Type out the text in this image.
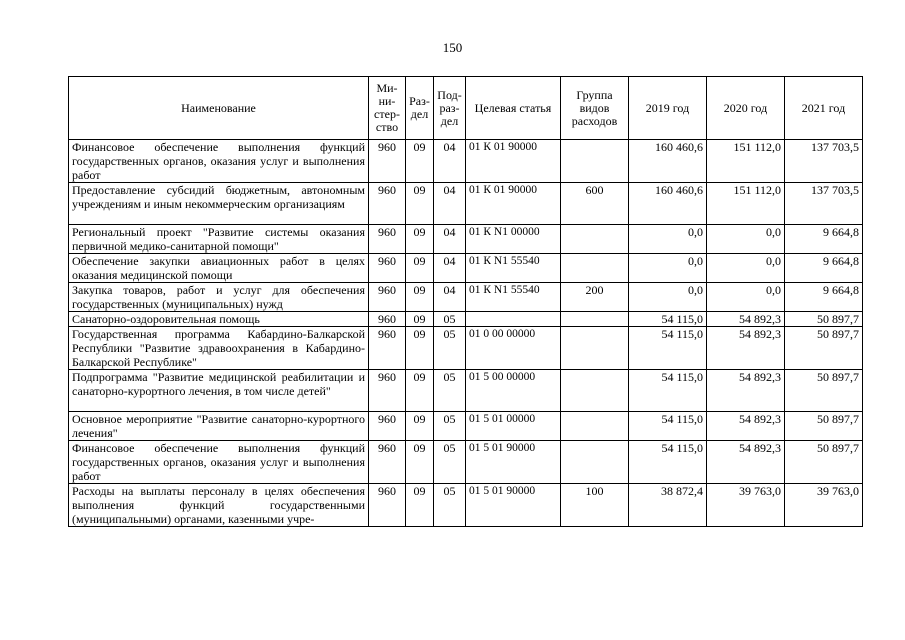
150
Наименование	Ми- ни- стер- ство	Раз- дел	Под- раз- дел	Целевая статья	Группа видов расходов	2019 год	2020 год	2021 год
Финансовое обеспечение выполнения функций государственных органов, оказания услуг и выполнения работ	960	09	04	01 К 01 90000		160 460,6	151 112,0	137 703,5
Предоставление субсидий бюджетным, автономным учреждениям и иным некоммерческим организациям	960	09	04	01 К 01 90000	600	160 460,6	151 112,0	137 703,5
Региональный проект "Развитие системы оказания первичной медико-санитарной помощи"	960	09	04	01 К N1 00000		0,0	0,0	9 664,8
Обеспечение закупки авиационных работ в целях оказания медицинской помощи	960	09	04	01 К N1 55540		0,0	0,0	9 664,8
Закупка товаров, работ и услуг для обеспечения государственных (муниципальных) нужд	960	09	04	01 К N1 55540	200	0,0	0,0	9 664,8
Санаторно-оздоровительная помощь	960	09	05			54 115,0	54 892,3	50 897,7
Государственная программа Кабардино-Балкарской Республики "Развитие здравоохранения в Кабардино-Балкарской Республике"	960	09	05	01 0 00 00000		54 115,0	54 892,3	50 897,7
Подпрограмма "Развитие медицинской реабилитации и санаторно-курортного лечения, в том числе детей"	960	09	05	01 5 00 00000		54 115,0	54 892,3	50 897,7
Основное мероприятие "Развитие санаторно-курортного лечения"	960	09	05	01 5 01 00000		54 115,0	54 892,3	50 897,7
Финансовое обеспечение выполнения функций государственных органов, оказания услуг и выполнения работ	960	09	05	01 5 01 90000		54 115,0	54 892,3	50 897,7
Расходы на выплаты персоналу в целях обеспечения выполнения функций государственными (муниципальными) органами, казенными учре-	960	09	05	01 5 01 90000	100	38 872,4	39 763,0	39 763,0
